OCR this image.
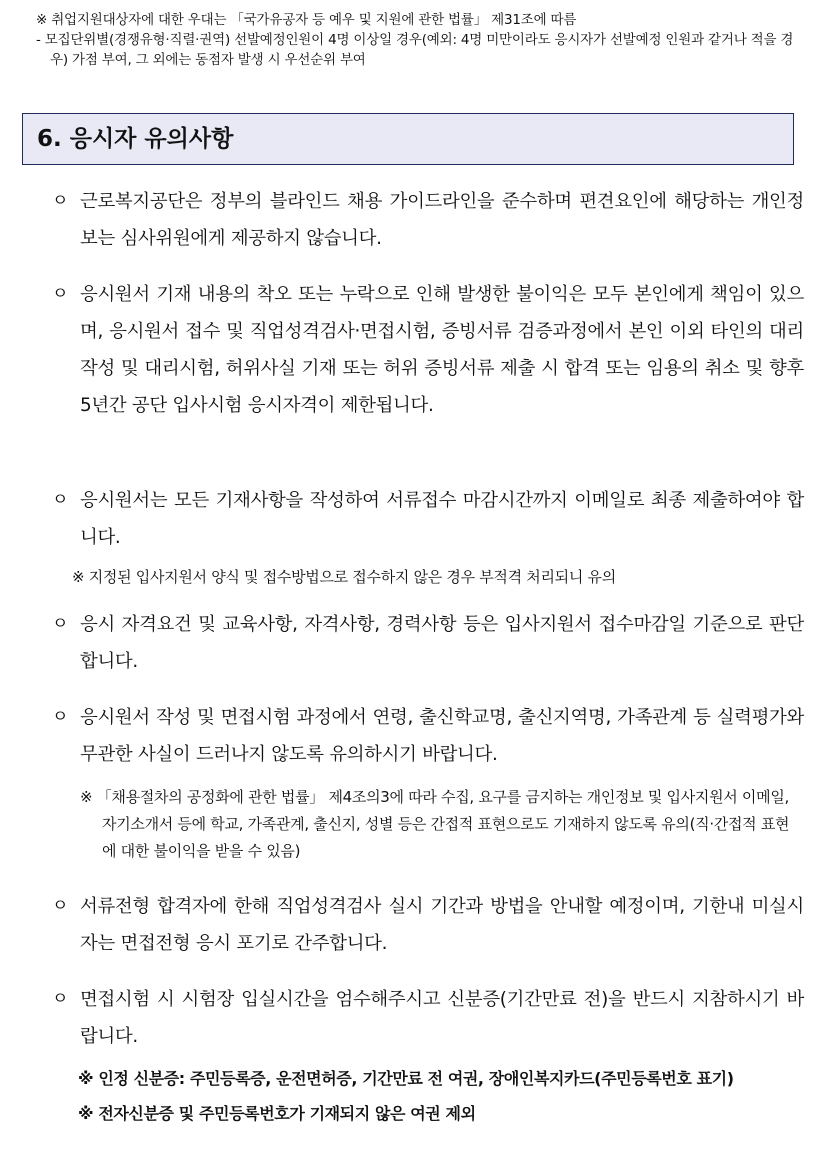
※ 취업지원대상자에 대한 우대는 「국가유공자 등 예우 및 지원에 관한 법률」 제31조에 따름
- 모집단위별(경쟁유형·직렬·권역) 선발예정인원이 4명 이상일 경우(예외: 4명 미만이라도 응시자가 선발예정 인원과 같거나 적을 경우) 가점 부여, 그 외에는 동점자 발생 시 우선순위 부여
6. 응시자 유의사항
ㅇ 근로복지공단은 정부의 블라인드 채용 가이드라인을 준수하며 편견요인에 해당하는 개인정보는 심사위원에게 제공하지 않습니다.
ㅇ 응시원서 기재 내용의 착오 또는 누락으로 인해 발생한 불이익은 모두 본인에게 책임이 있으며, 응시원서 접수 및 직업성격검사·면접시험, 증빙서류 검증과정에서 본인 이외 타인의 대리작성 및 대리시험, 허위사실 기재 또는 허위 증빙서류 제출 시 합격 또는 임용의 취소 및 향후 5년간 공단 입사시험 응시자격이 제한됩니다.
ㅇ 응시원서는 모든 기재사항을 작성하여 서류접수 마감시간까지 이메일로 최종 제출하여야 합니다.
※ 지정된 입사지원서 양식 및 접수방법으로 접수하지 않은 경우 부적격 처리되니 유의
ㅇ 응시 자격요건 및 교육사항, 자격사항, 경력사항 등은 입사지원서 접수마감일 기준으로 판단합니다.
ㅇ 응시원서 작성 및 면접시험 과정에서 연령, 출신학교명, 출신지역명, 가족관계 등 실력평가와 무관한 사실이 드러나지 않도록 유의하시기 바랍니다.
※ 「채용절차의 공정화에 관한 법률」 제4조의3에 따라 수집, 요구를 금지하는 개인정보 및 입사지원서 이메일, 자기소개서 등에 학교, 가족관계, 출신지, 성별 등은 간접적 표현으로도 기재하지 않도록 유의(직·간접적 표현에 대한 불이익을 받을 수 있음)
ㅇ 서류전형 합격자에 한해 직업성격검사 실시 기간과 방법을 안내할 예정이며, 기한내 미실시자는 면접전형 응시 포기로 간주합니다.
ㅇ 면접시험 시 시험장 입실시간을 엄수해주시고 신분증(기간만료 전)을 반드시 지참하시기 바랍니다.
※ 인정 신분증: 주민등록증, 운전면허증, 기간만료 전 여권, 장애인복지카드(주민등록번호 표기)
※ 전자신분증 및 주민등록번호가 기재되지 않은 여권 제외
